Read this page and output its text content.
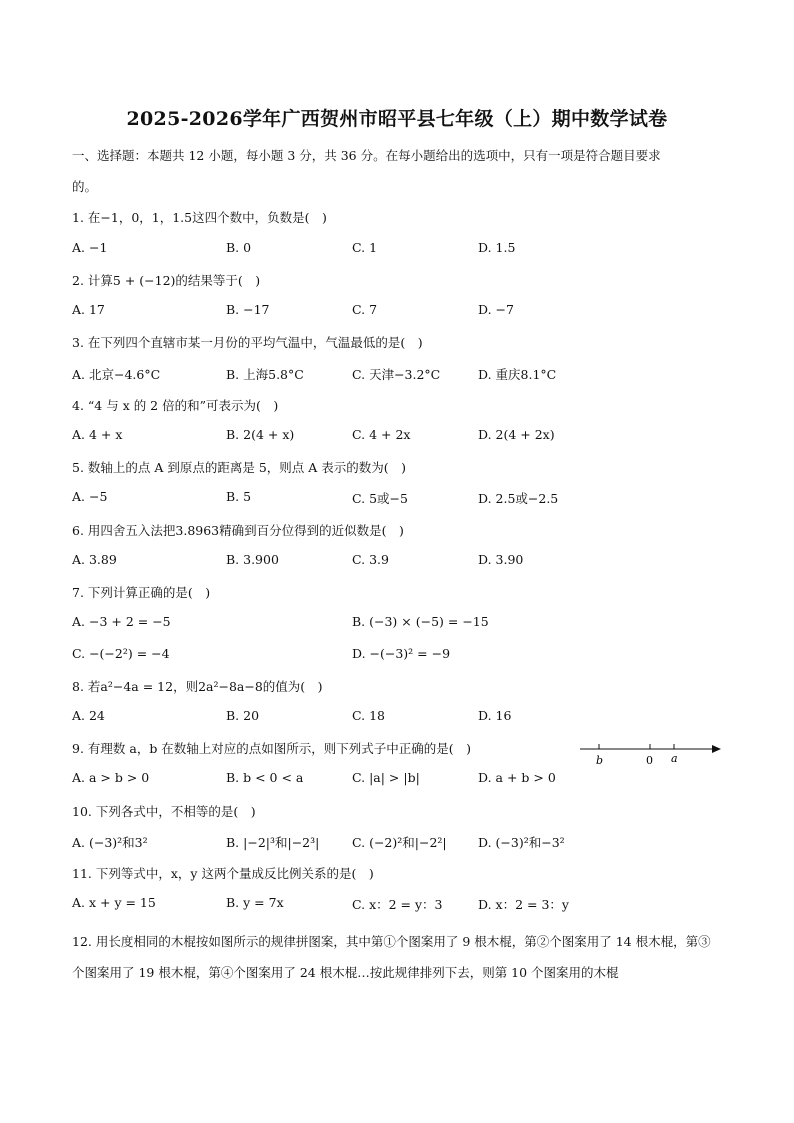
2025-2026学年广西贺州市昭平县七年级（上）期中数学试卷
一、选择题：本题共 12 小题，每小题 3 分，共 36 分。在每小题给出的选项中，只有一项是符合题目要求
的。
1. 在−1，0，1，1.5这四个数中，负数是(　)
A. −1	B. 0	C. 1	D. 1.5
2. 计算5 + (−12)的结果等于(　)
A. 17	B. −17	C. 7	D. −7
3. 在下列四个直辖市某一月份的平均气温中，气温最低的是(　)
A. 北京−4.6°C	B. 上海5.8°C	C. 天津−3.2°C	D. 重庆8.1°C
4. “4 与 x 的 2 倍的和”可表示为(　)
A. 4 + x	B. 2(4 + x)	C. 4 + 2x	D. 2(4 + 2x)
5. 数轴上的点 A 到原点的距离是 5，则点 A 表示的数为(　)
A. −5	B. 5	C. 5或−5	D. 2.5或−2.5
6. 用四舍五入法把3.8963精确到百分位得到的近似数是(　)
A. 3.89	B. 3.900	C. 3.9	D. 3.90
7. 下列计算正确的是(　)
A. −3 + 2 = −5	B. (−3) × (−5) = −15
C. −(−2²) = −4	D. −(−3)² = −9
8. 若a²−4a = 12，则2a²−8a−8的值为(　)
A. 24	B. 20	C. 18	D. 16
9. 有理数 a，b 在数轴上对应的点如图所示，则下列式子中正确的是(　)
A. a > b > 0	B. b < 0 < a	C. |a| > |b|	D. a + b > 0
b	0 a
10. 下列各式中，不相等的是(　)
A. (−3)²和3²	B. |−2|³和|−2³|	C. (−2)²和|−2²|	D. (−3)²和−3²
11. 下列等式中，x，y 这两个量成反比例关系的是(　)
A. x + y = 15	B. y = 7x	C. x：2 = y：3	D. x：2 = 3：y
12. 用长度相同的木棍按如图所示的规律拼图案，其中第①个图案用了 9 根木棍，第②个图案用了 14 根木棍，第③个图案用了 19 根木棍，第④个图案用了 24 根木棍…按此规律排列下去，则第 10 个图案用的木棍
